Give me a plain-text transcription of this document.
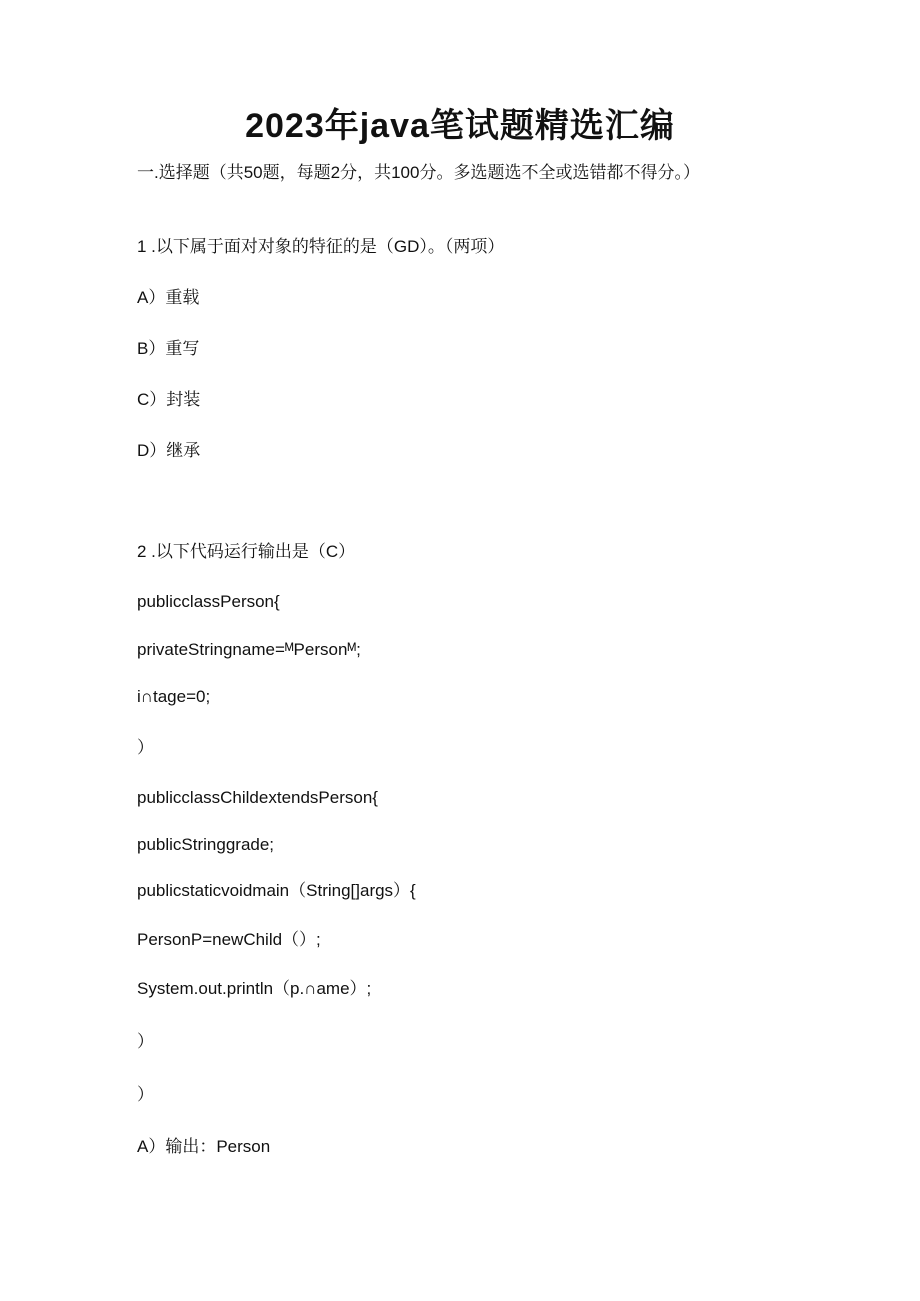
2023年java笔试题精选汇编
一.选择题（共50题，每题2分，共100分。多选题选不全或选错都不得分。）
1 .以下属于面对对象的特征的是（GD）。（两项）
A）重载
B）重写
C）封装
D）继承
2 .以下代码运行输出是（C）
publicclassPerson{
privateStringname=ᴹPersonᴹ;
i∩tage=0;
）
publicclassChildextendsPerson{
publicStringgrade;
publicstaticvoidmain（String[]args）{
PersonP=newChild（）;
System.out.println（p.∩ame）;
）
）
A）输出：Person
